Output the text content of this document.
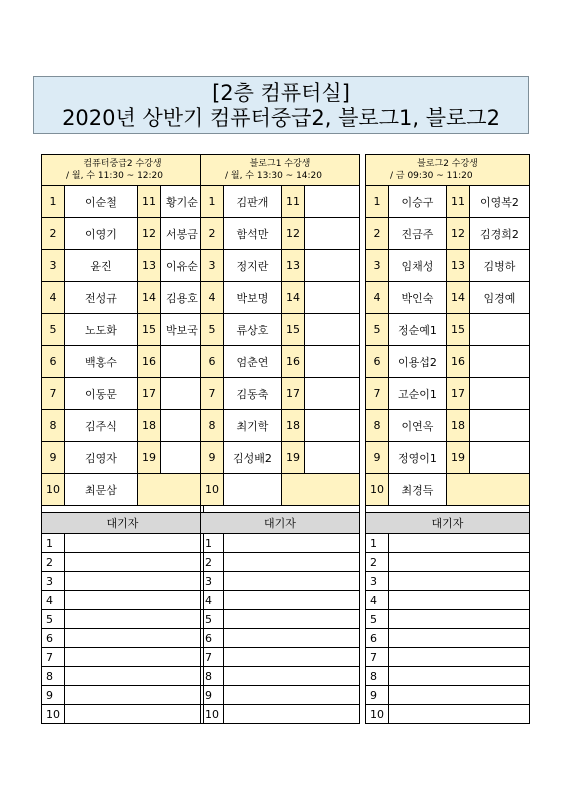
[2층 컴퓨터실]
2020년 상반기 컴퓨터중급2, 블로그1, 블로그2
컴퓨터중급2 수강생
/ 월, 수 11:30 ~ 12:20			

1	이순철	11	황기순
2	이영기	12	서봉금
3	윤진	13	이유순
4	전성규	14	김용호
5	노도화	15	박보국
6	백홍수	16	
7	이동문	17	
8	김주식	18	
9	김영자	19	
10	최문삼		

대기자			
1			
2			
3			
4			
5			
6			
7			
8			
9			
10			
블로그1 수강생
/ 월, 수 13:30 ~ 14:20			

1	김판개	11	
2	함석만	12	
3	정지란	13	
4	박보명	14	
5	류상호	15	
6	엄춘연	16	
7	김동축	17	
8	최기학	18	
9	김성배2	19	
10			

대기자			
1			
2			
3			
4			
5			
6			
7			
8			
9			
10			
블로그2 수강생
/ 금 09:30 ~ 11:20			

1	이승구	11	이영복2
2	진금주	12	김경희2
3	임채성	13	김병하
4	박인숙	14	임경예
5	정순예1	15	
6	이용섭2	16	
7	고순이1	17	
8	이연옥	18	
9	정영이1	19	
10	최경득		

대기자			
1			
2			
3			
4			
5			
6			
7			
8			
9			
10			
